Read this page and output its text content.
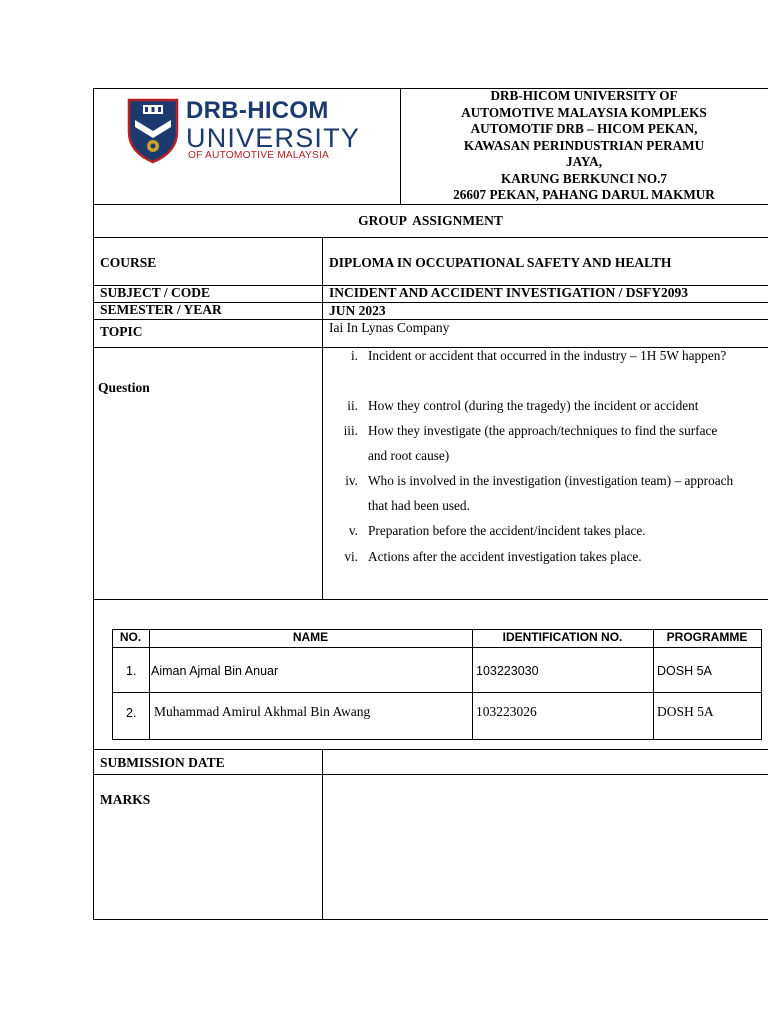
DRB-HICOM
UNIVERSITY
OF AUTOMOTIVE MALAYSIA
DRB-HICOM UNIVERSITY OF
AUTOMOTIVE MALAYSIA KOMPLEKS
AUTOMOTIF DRB – HICOM PEKAN,
KAWASAN PERINDUSTRIAN PERAMU
JAYA,
KARUNG BERKUNCI NO.7
26607 PEKAN, PAHANG DARUL MAKMUR
GROUP  ASSIGNMENT
COURSE	DIPLOMA IN OCCUPATIONAL SAFETY AND HEALTH
SUBJECT / CODE	INCIDENT AND ACCIDENT INVESTIGATION / DSFY2093
SEMESTER / YEAR	JUN 2023
TOPIC	Iai In Lynas Company
Question
i. Incident or accident that occurred in the industry – 1H 5W happen?
ii. How they control (during the tragedy) the incident or accident
iii. How they investigate (the approach/techniques to find the surface and root cause)
iv. Who is involved in the investigation (investigation team) – approach that had been used.
v. Preparation before the accident/incident takes place.
vi. Actions after the accident investigation takes place.
NO.	NAME	IDENTIFICATION NO.	PROGRAMME
1. Aiman Ajmal Bin Anuar	103223030	DOSH 5A
2. Muhammad Amirul Akhmal Bin Awang	103223026	DOSH 5A
SUBMISSION DATE
MARKS
